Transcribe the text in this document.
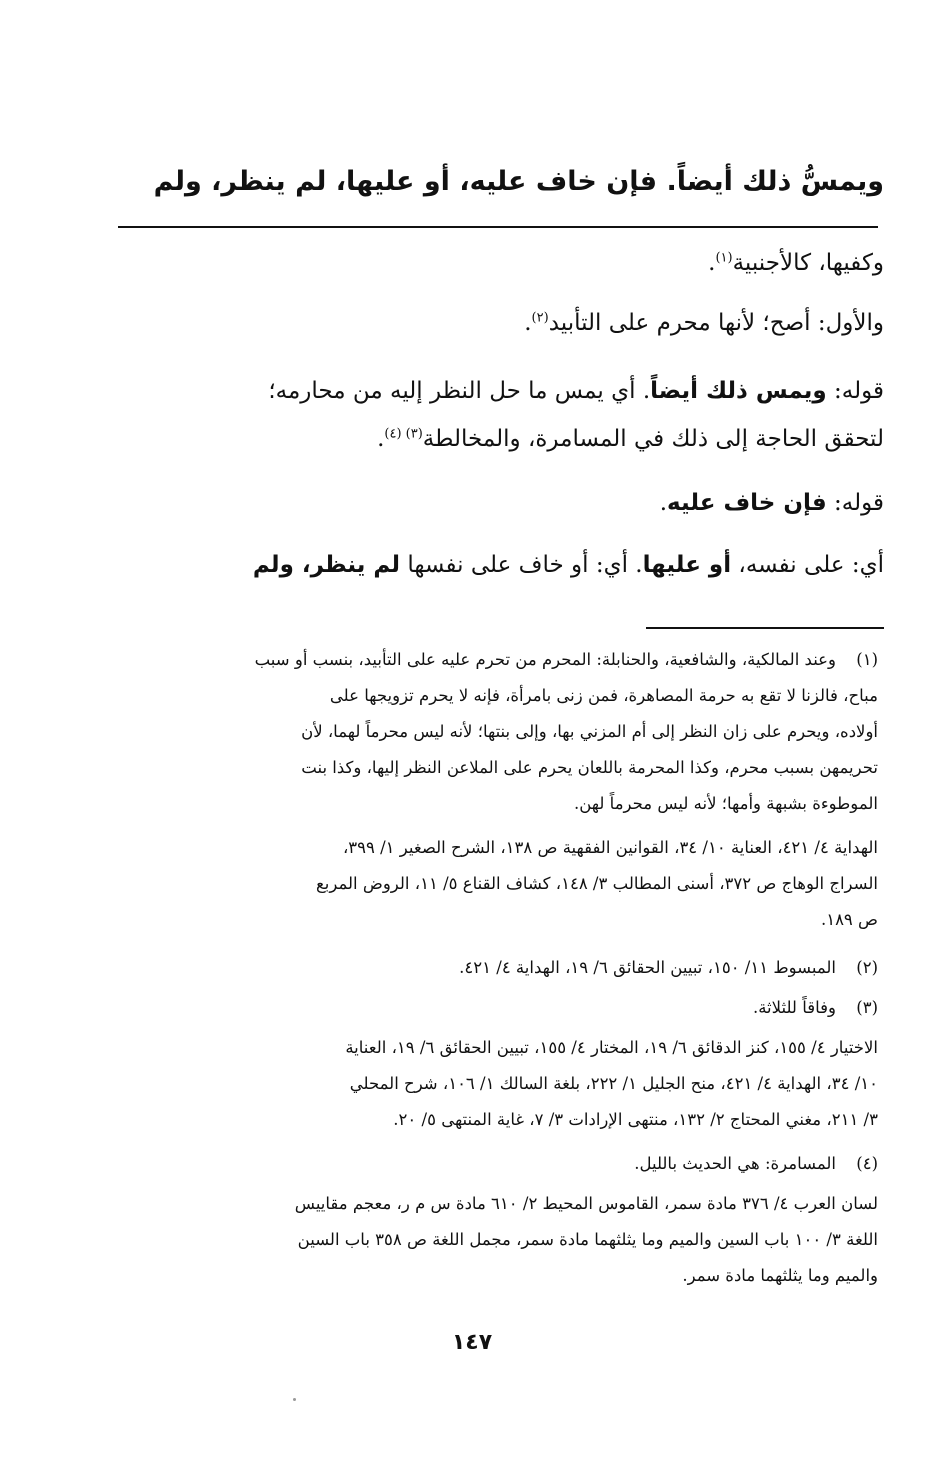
ويمسُّ ذلك أيضاً. فإن خاف عليه، أو عليها، لم ينظر، ولم
وكفيها، كالأجنبية$^{(١)}$.
والأول: أصح؛ لأنها محرم على التأبيد$^{(٢)}$.
قوله: ويمس ذلك أيضاً. أي يمس ما حل النظر إليه من محارمه؛
لتحقق الحاجة إلى ذلك في المسامرة، والمخالطة$^{(٣) (٤)}$.
قوله: فإن خاف عليه.
أي: على نفسه، أو عليها. أي: أو خاف على نفسها لم ينظر، ولم
(١)
وعند المالكية، والشافعية، والحنابلة: المحرم من تحرم عليه على التأبيد، بنسب أو سبب
مباح، فالزنا لا تقع به حرمة المصاهرة، فمن زنى بامرأة، فإنه لا يحرم تزويجها على
أولاده، ويحرم على زان النظر إلى أم المزني بها، وإلى بنتها؛ لأنه ليس محرماً لهما، لأن
تحريمهن بسبب محرم، وكذا المحرمة باللعان يحرم على الملاعن النظر إليها، وكذا بنت
الموطوءة بشبهة وأمها؛ لأنه ليس محرماً لهن.
الهداية ٤/ ٤٢١، العناية ١٠/ ٣٤، القوانين الفقهية ص ١٣٨، الشرح الصغير ١/ ٣٩٩،
السراج الوهاج ص ٣٧٢، أسنى المطالب ٣/ ١٤٨، كشاف القناع ٥/ ١١، الروض المربع
ص ١٨٩.
(٢)
المبسوط ١١/ ١٥٠، تبيين الحقائق ٦/ ١٩، الهداية ٤/ ٤٢١.
(٣)
وفاقاً للثلاثة.
الاختيار ٤/ ١٥٥، كنز الدقائق ٦/ ١٩، المختار ٤/ ١٥٥، تبيين الحقائق ٦/ ١٩، العناية
١٠/ ٣٤، الهداية ٤/ ٤٢١، منح الجليل ١/ ٢٢٢، بلغة السالك ١/ ١٠٦، شرح المحلي
٣/ ٢١١، مغني المحتاج ٢/ ١٣٢، منتهى الإرادات ٣/ ٧، غاية المنتهى ٥/ ٢٠.
(٤)
المسامرة: هي الحديث بالليل.
لسان العرب ٤/ ٣٧٦ مادة سمر، القاموس المحيط ٢/ ٦١٠ مادة س م ر، معجم مقاييس
اللغة ٣/ ١٠٠ باب السين والميم وما يثلثهما مادة سمر، مجمل اللغة ص ٣٥٨ باب السين
والميم وما يثلثهما مادة سمر.
١٤٧
